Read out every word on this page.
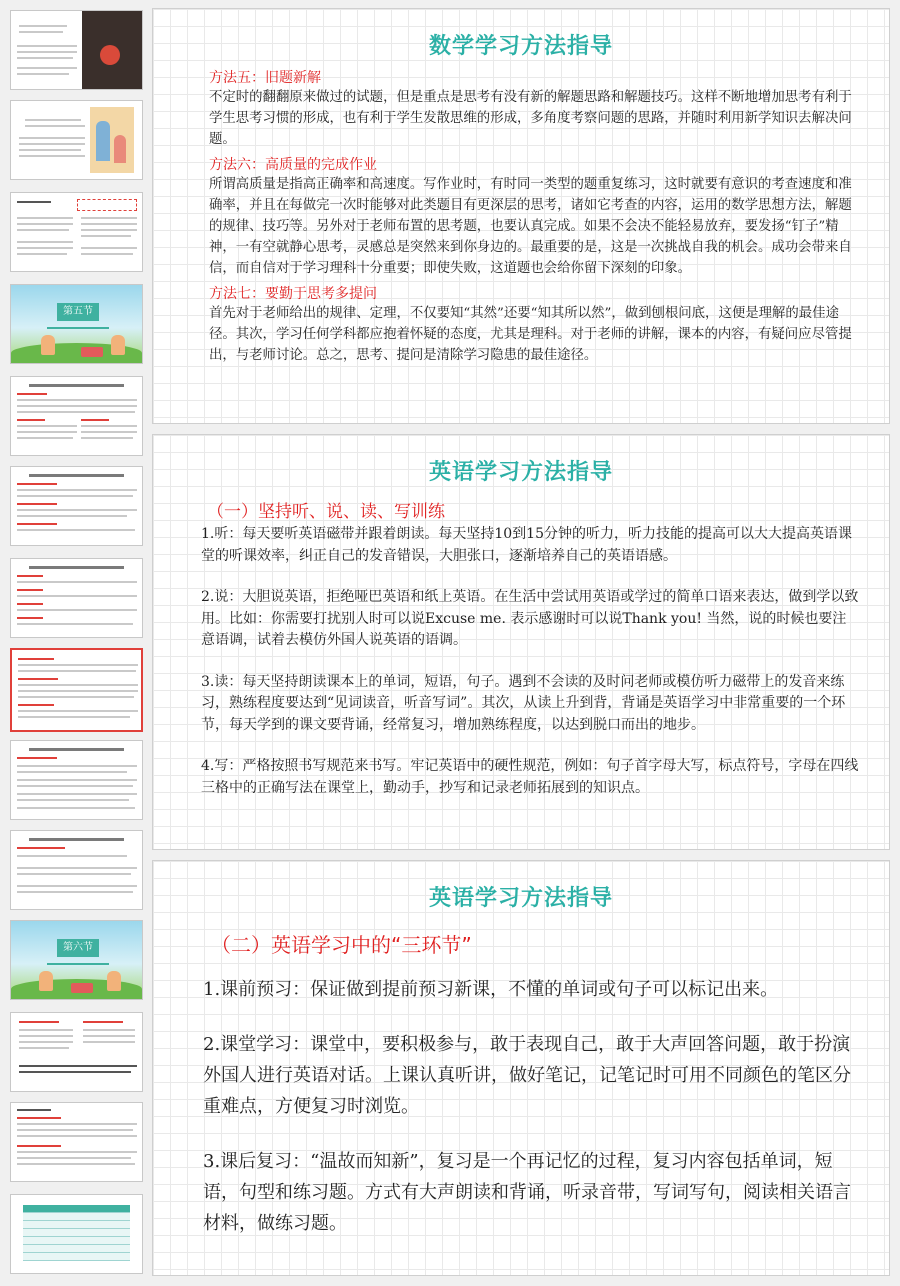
第五节
第六节
数学学习方法指导
方法五：旧题新解
不定时的翻翻原来做过的试题，但是重点是思考有没有新的解题思路和解题技巧。这样不断地增加思考有利于学生思考习惯的形成，也有利于学生发散思维的形成，多角度考察问题的思路，并随时利用新学知识去解决问题。
方法六：高质量的完成作业
所谓高质量是指高正确率和高速度。写作业时，有时同一类型的题重复练习，这时就要有意识的考查速度和准确率，并且在每做完一次时能够对此类题目有更深层的思考，诸如它考查的内容，运用的数学思想方法，解题的规律、技巧等。另外对于老师布置的思考题，也要认真完成。如果不会决不能轻易放弃，要发扬“钉子”精神，一有空就静心思考，灵感总是突然来到你身边的。最重要的是，这是一次挑战自我的机会。成功会带来自信，而自信对于学习理科十分重要；即使失败，这道题也会给你留下深刻的印象。
方法七：要勤于思考多提问
首先对于老师给出的规律、定理，不仅要知“其然”还要“知其所以然”，做到刨根问底，这便是理解的最佳途径。其次，学习任何学科都应抱着怀疑的态度，尤其是理科。对于老师的讲解，课本的内容，有疑问应尽管提出，与老师讨论。总之，思考、提问是清除学习隐患的最佳途径。
英语学习方法指导
（一）坚持听、说、读、写训练
1.听：每天要听英语磁带并跟着朗读。每天坚持10到15分钟的听力，听力技能的提高可以大大提高英语课堂的听课效率，纠正自己的发音错误，大胆张口，逐渐培养自己的英语语感。
2.说：大胆说英语，拒绝哑巴英语和纸上英语。在生活中尝试用英语或学过的简单口语来表达，做到学以致用。比如：你需要打扰别人时可以说Excuse me. 表示感谢时可以说Thank you! 当然，说的时候也要注意语调，试着去模仿外国人说英语的语调。
3.读：每天坚持朗读课本上的单词，短语，句子。遇到不会读的及时问老师或模仿听力磁带上的发音来练习，熟练程度要达到“见词读音，听音写词”。其次，从读上升到背，背诵是英语学习中非常重要的一个环节，每天学到的课文要背诵，经常复习，增加熟练程度，以达到脱口而出的地步。
4.写：严格按照书写规范来书写。牢记英语中的硬性规范，例如：句子首字母大写，标点符号，字母在四线三格中的正确写法在课堂上，勤动手，抄写和记录老师拓展到的知识点。
英语学习方法指导
（二）英语学习中的“三环节”
1.课前预习：保证做到提前预习新课，不懂的单词或句子可以标记出来。
2.课堂学习：课堂中，要积极参与，敢于表现自己，敢于大声回答问题，敢于扮演外国人进行英语对话。上课认真听讲，做好笔记，记笔记时可用不同颜色的笔区分重难点，方便复习时浏览。
3.课后复习：“温故而知新”，复习是一个再记忆的过程，复习内容包括单词，短语，句型和练习题。方式有大声朗读和背诵，听录音带，写词写句，阅读相关语言材料，做练习题。
